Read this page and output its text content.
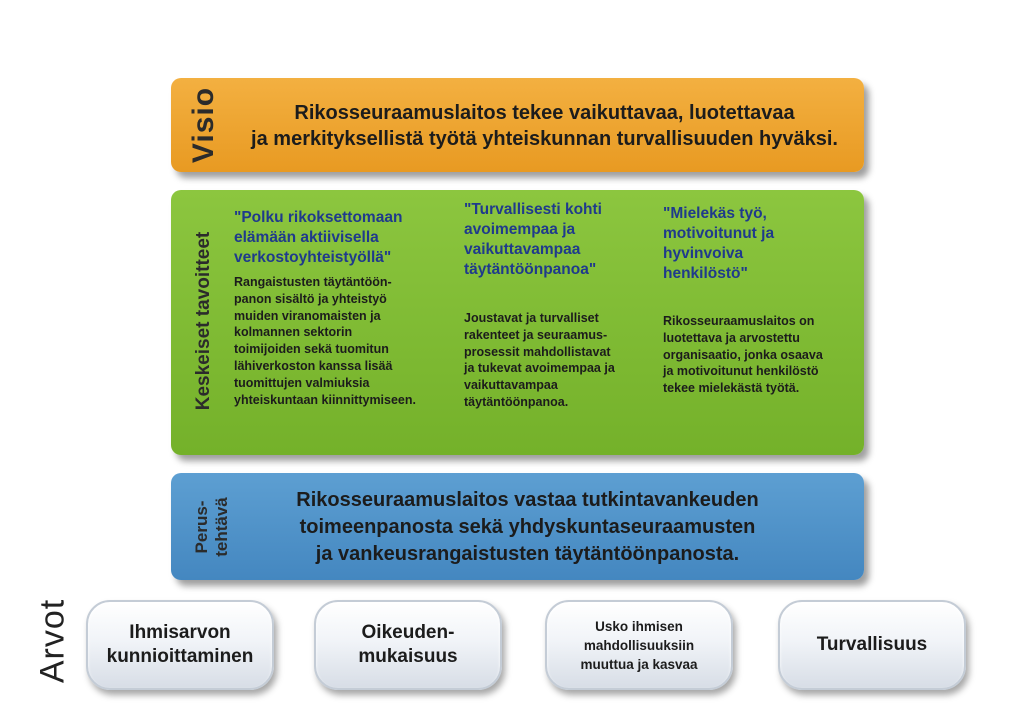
Visio	Rikosseuraamuslaitos tekee vaikuttavaa, luotettavaa
ja merkityksellistä työtä yhteiskunnan turvallisuuden hyväksi.
Keskeiset tavoitteet
"Polku rikoksettomaan
elämään aktiivisella
verkostoyhteistyöllä"
Rangaistusten täytäntöön-
panon sisältö ja yhteistyö
muiden viranomaisten ja
kolmannen sektorin
toimijoiden sekä tuomitun
lähiverkoston kanssa lisää
tuomittujen valmiuksia
yhteiskuntaan kiinnittymiseen.
"Turvallisesti kohti
avoimempaa ja
vaikuttavampaa
täytäntöönpanoa"
Joustavat ja turvalliset
rakenteet ja seuraamus-
prosessit mahdollistavat
ja tukevat avoimempaa ja
vaikuttavampaa
täytäntöönpanoa.
"Mielekäs työ,
motivoitunut ja
hyvinvoiva
henkilöstö"
Rikosseuraamuslaitos on
luotettava ja arvostettu
organisaatio, jonka osaava
ja motivoitunut henkilöstö
tekee mielekästä työtä.
Perus-
tehtävä	Rikosseuraamuslaitos vastaa tutkintavankeuden
toimeenpanosta sekä yhdyskuntaseuraamusten
ja vankeusrangaistusten täytäntöönpanosta.
Arvot	Ihmisarvon
kunnioittaminen
Oikeuden-
mukaisuus
Usko ihmisen
mahdollisuuksiin
muuttua ja kasvaa
Turvallisuus
